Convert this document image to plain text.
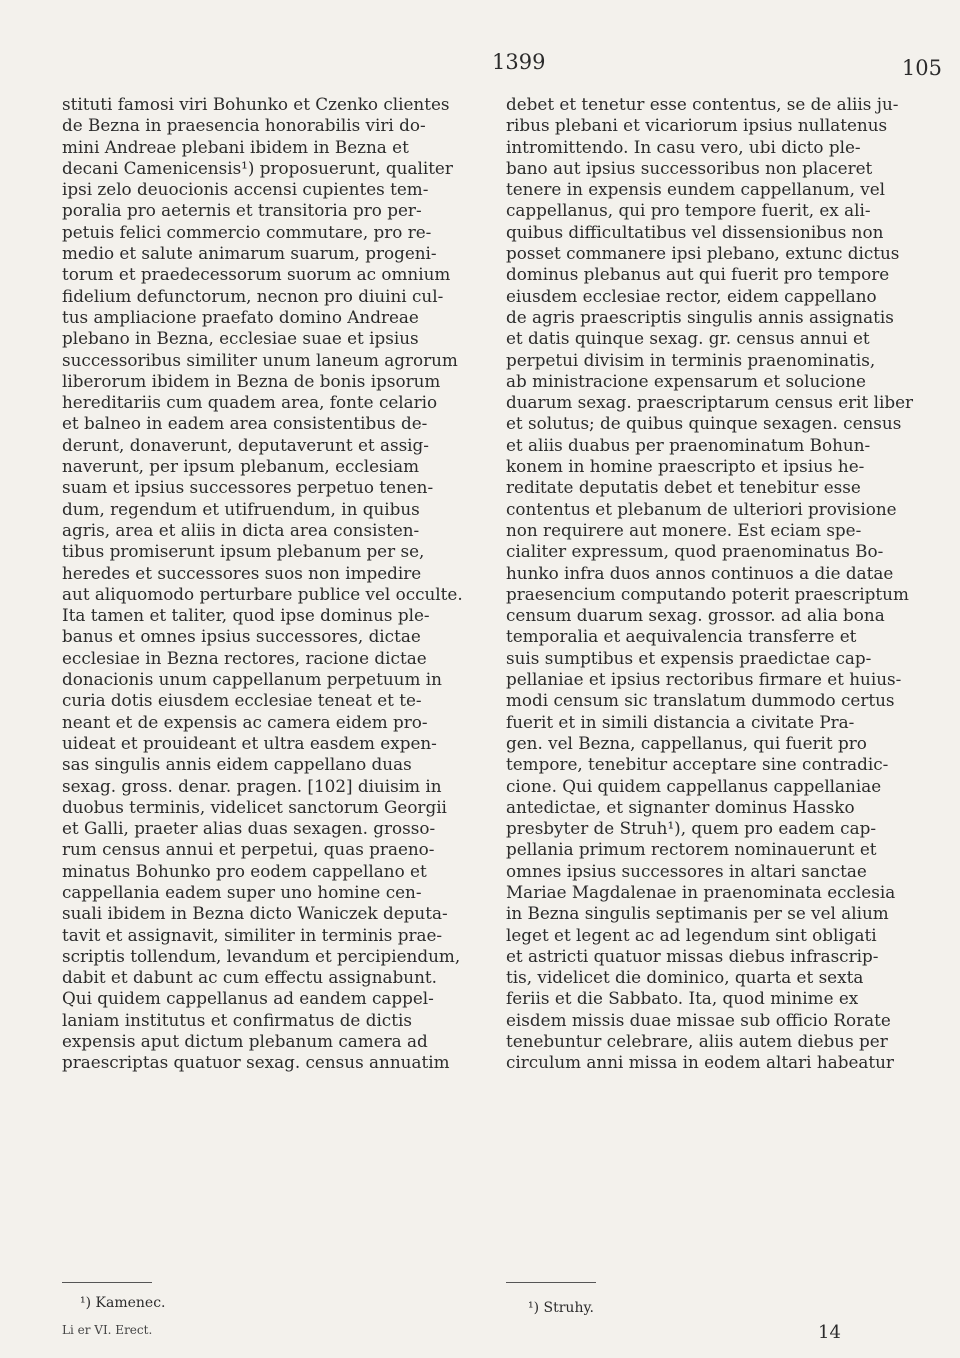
1399	105
stituti famosi viri Bohunko et Czenko clientes
de Bezna in praesencia honorabilis viri do-
mini Andreae plebani ibidem in Bezna et
decani Camenicensis¹) proposuerunt, qualiter
ipsi zelo deuocionis accensi cupientes tem-
poralia pro aeternis et transitoria pro per-
petuis felici commercio commutare, pro re-
medio et salute animarum suarum, progeni-
torum et praedecessorum suorum ac omnium
fidelium defunctorum, necnon pro diuini cul-
tus ampliacione praefato domino Andreae
plebano in Bezna, ecclesiae suae et ipsius
successoribus similiter unum laneum agrorum
liberorum ibidem in Bezna de bonis ipsorum
hereditariis cum quadem area, fonte celario
et balneo in eadem area consistentibus de-
derunt, donaverunt, deputaverunt et assig-
naverunt, per ipsum plebanum, ecclesiam
suam et ipsius successores perpetuo tenen-
dum, regendum et utifruendum, in quibus
agris, area et aliis in dicta area consisten-
tibus promiserunt ipsum plebanum per se,
heredes et successores suos non impedire
aut aliquomodo perturbare publice vel occulte.
Ita tamen et taliter, quod ipse dominus ple-
banus et omnes ipsius successores, dictae
ecclesiae in Bezna rectores, racione dictae
donacionis unum cappellanum perpetuum in
curia dotis eiusdem ecclesiae teneat et te-
neant et de expensis ac camera eidem pro-
uideat et prouideant et ultra easdem expen-
sas singulis annis eidem cappellano duas
sexag. gross. denar. pragen. [102] diuisim in
duobus terminis, videlicet sanctorum Georgii
et Galli, praeter alias duas sexagen. grosso-
rum census annui et perpetui, quas praeno-
minatus Bohunko pro eodem cappellano et
cappellania eadem super uno homine cen-
suali ibidem in Bezna dicto Waniczek deputa-
tavit et assignavit, similiter in terminis prae-
scriptis tollendum, levandum et percipiendum,
dabit et dabunt ac cum effectu assignabunt.
Qui quidem cappellanus ad eandem cappel-
laniam institutus et confirmatus de dictis
expensis aput dictum plebanum camera ad
praescriptas quatuor sexag. census annuatim
debet et tenetur esse contentus, se de aliis ju-
ribus plebani et vicariorum ipsius nullatenus
intromittendo. In casu vero, ubi dicto ple-
bano aut ipsius successoribus non placeret
tenere in expensis eundem cappellanum, vel
cappellanus, qui pro tempore fuerit, ex ali-
quibus difficultatibus vel dissensionibus non
posset commanere ipsi plebano, extunc dictus
dominus plebanus aut qui fuerit pro tempore
eiusdem ecclesiae rector, eidem cappellano
de agris praescriptis singulis annis assignatis
et datis quinque sexag. gr. census annui et
perpetui divisim in terminis praenominatis,
ab ministracione expensarum et solucione
duarum sexag. praescriptarum census erit liber
et solutus; de quibus quinque sexagen. census
et aliis duabus per praenominatum Bohun-
konem in homine praescripto et ipsius he-
reditate deputatis debet et tenebitur esse
contentus et plebanum de ulteriori provisione
non requirere aut monere. Est eciam spe-
cialiter expressum, quod praenominatus Bo-
hunko infra duos annos continuos a die datae
praesencium computando poterit praescriptum
censum duarum sexag. grossor. ad alia bona
temporalia et aequivalencia transferre et
suis sumptibus et expensis praedictae cap-
pellaniae et ipsius rectoribus firmare et huius-
modi censum sic translatum dummodo certus
fuerit et in simili distancia a civitate Pra-
gen. vel Bezna, cappellanus, qui fuerit pro
tempore, tenebitur acceptare sine contradic-
cione. Qui quidem cappellanus cappellaniae
antedictae, et signanter dominus Hassko
presbyter de Struh¹), quem pro eadem cap-
pellania primum rectorem nominauerunt et
omnes ipsius successores in altari sanctae
Mariae Magdalenae in praenominata ecclesia
in Bezna singulis septimanis per se vel alium
leget et legent ac ad legendum sint obligati
et astricti quatuor missas diebus infrascrip-
tis, videlicet die dominico, quarta et sexta
feriis et die Sabbato. Ita, quod minime ex
eisdem missis duae missae sub officio Rorate
tenebuntur celebrare, aliis autem diebus per
circulum anni missa in eodem altari habeatur
¹) Kamenec.	¹) Struhy.
Li er VI. Erect.	14
